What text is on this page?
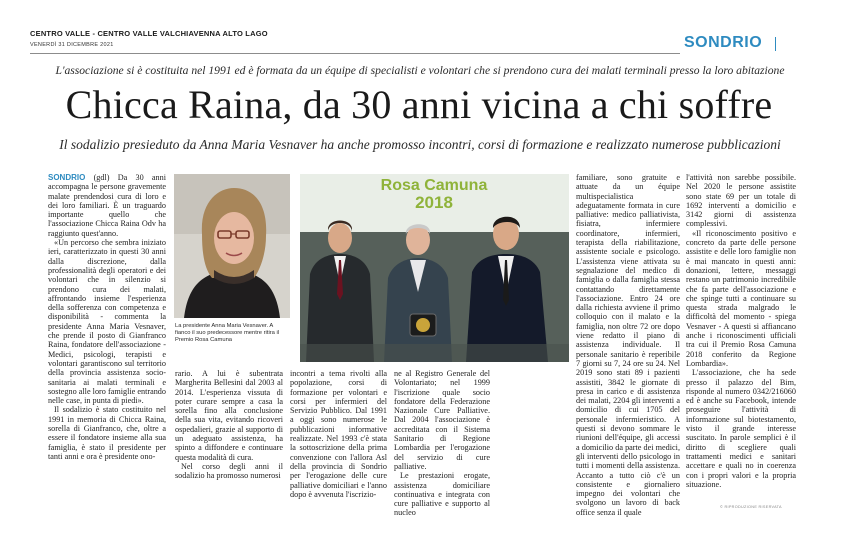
CENTRO VALLE - CENTRO VALLE VALCHIAVENNA ALTO LAGO
VENERDÌ 31 DICEMBRE 2021	SONDRIO
L'associazione si è costituita nel 1991 ed è formata da un équipe di specialisti e volontari che si prendono cura dei malati terminali presso la loro abitazione
Chicca Raina, da 30 anni vicina a chi soffre
Il sodalizio presieduto da Anna Maria Vesnaver ha anche promosso incontri, corsi di formazione e realizzato numerose pubblicazioni

SONDRIO (gdl) Da 30 anni accompagna le persone gravemente malate prendendosi cura di loro e dei loro familiari. È un traguardo importante quello che l'associazione Chicca Raina Odv ha raggiunto quest'anno.

«Un percorso che sembra iniziato ieri, caratterizzato in questi 30 anni dalla discrezione, dalla professionalità degli operatori e dei volontari che in silenzio si prendono cura dei malati, affrontando insieme l'esperienza della sofferenza con competenza e disponibilità - commenta la presidente Anna Maria Vesnaver, che prende il posto di Gianfranco Raina, fondatore dell'associazione - Medici, psicologi, terapisti e volontari garantiscono sul territorio della provincia assistenza socio-sanitaria ai malati terminali e sostegno alle loro famiglie entrando nelle case, in punta di piedi».

Il sodalizio è stato costituito nel 1991 in memoria di Chicca Raina, sorella di Gianfranco, che, oltre a essere il fondatore insieme alla sua famiglia, è stato il presidente per tanti anni e ora è presidente ono-

La presidente Anna Maria Vesnaver. A fianco il suo predecessore mentre ritira il Premio Rosa Camuna
Rosa Camuna
2018

rario. A lui è subentrata Margherita Bellesini dal 2003 al 2014. L'esperienza vissuta di poter curare sempre a casa la sorella fino alla conclusione della sua vita, evitando ricoveri ospedalieri, grazie al supporto di un adeguato assistenza, ha spinto a diffondere e continuare questa modalità di cura.

Nel corso degli anni il sodalizio ha promosso numerosi

incontri a tema rivolti alla popolazione, corsi di formazione per volontari e corsi per infermieri del Servizio Pubblico. Dal 1991 a oggi sono numerose le pubblicazioni informative realizzate. Nel 1993 c'è stata la sottoscrizione della prima convenzione con l'allora Asl della provincia di Sondrio per l'erogazione delle cure palliative domiciliari e l'anno dopo è avvenuta l'iscrizio-

ne al Registro Generale del Volontariato; nel 1999 l'iscrizione quale socio fondatore della Federazione Nazionale Cure Palliative. Dal 2004 l'associazione è accreditata con il Sistema Sanitario di Regione Lombardia per l'erogazione del servizio di cure palliative.

Le prestazioni erogate, assistenza domiciliare continuativa e integrata con cure palliative e supporto al nucleo

familiare, sono gratuite e attuate da un équipe multispecialistica adeguatamente formata in cure palliative: medico palliativista, fisiatra, infermiere coordinatore, infermieri, terapista della riabilitazione, assistente sociale e psicologo. L'assistenza viene attivata su segnalazione del medico di famiglia o dalla famiglia stessa contattando direttamente l'associazione. Entro 24 ore dalla richiesta avviene il primo colloquio con il malato e la famiglia, non oltre 72 ore dopo viene redatto il piano di assistenza individuale. Il personale sanitario è reperibile 7 giorni su 7, 24 ore su 24. Nel 2019 sono stati 89 i pazienti assistiti, 3842 le giornate di presa in carico e di assistenza dei malati, 2204 gli interventi a domicilio di cui 1705 del personale infermieristico. A questi si devono sommare le riunioni dell'équipe, gli accessi a domicilio da parte dei medici, gli interventi dello psicologo in tutti i momenti della assistenza. Accanto a tutto ciò c'è un consistente e giornaliero impegno dei volontari che svolgono un lavoro di back office senza il quale

l'attività non sarebbe possibile. Nel 2020 le persone assistite sono state 69 per un totale di 1692 interventi a domicilio e 3142 giorni di assistenza complessivi.

«Il riconoscimento positivo e concreto da parte delle persone assistite e delle loro famiglie non è mai mancato in questi anni: donazioni, lettere, messaggi restano un patrimonio incredibile che fa parte dell'associazione e che spinge tutti a continuare su questa strada malgrado le difficoltà del momento - spiega Vesnaver - A questi si affiancano anche i riconoscimenti ufficiali tra cui il Premio Rosa Camuna 2018 conferito da Regione Lombardia».

L'associazione, che ha sede presso il palazzo del Bim, risponde al numero 0342/216060 ed è anche su Facebook, intende proseguire l'attività di informazione sul biotestamento, visto il grande interesse suscitato. In parole semplici è il diritto di scegliere quali trattamenti medici e sanitari accettare e quali no in coerenza con i propri valori e la propria situazione.

© RIPRODUZIONE RISERVATA
